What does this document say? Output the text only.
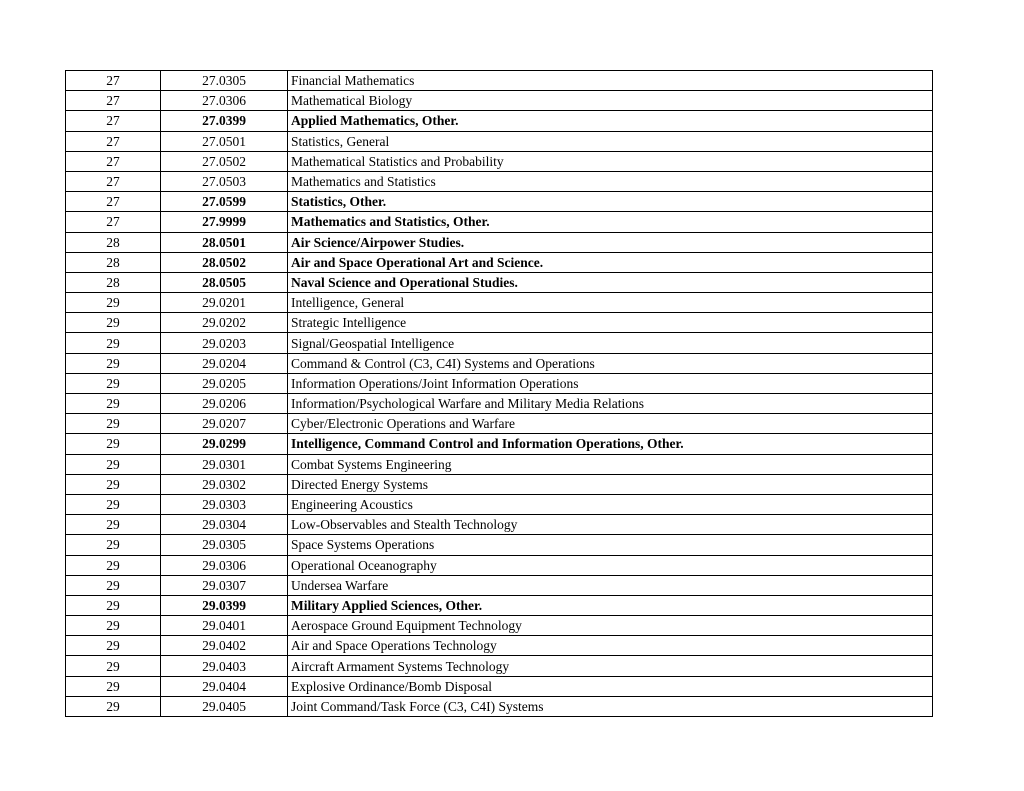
27	27.0305	Financial Mathematics
27	27.0306	Mathematical Biology
27	27.0399	Applied Mathematics, Other.
27	27.0501	Statistics, General
27	27.0502	Mathematical Statistics and Probability
27	27.0503	Mathematics and Statistics
27	27.0599	Statistics, Other.
27	27.9999	Mathematics and Statistics, Other.
28	28.0501	Air Science/Airpower Studies.
28	28.0502	Air and Space Operational Art and Science.
28	28.0505	Naval Science and Operational Studies.
29	29.0201	Intelligence, General
29	29.0202	Strategic Intelligence
29	29.0203	Signal/Geospatial Intelligence
29	29.0204	Command & Control (C3, C4I) Systems and Operations
29	29.0205	Information Operations/Joint Information Operations
29	29.0206	Information/Psychological Warfare and Military Media Relations
29	29.0207	Cyber/Electronic Operations and Warfare
29	29.0299	Intelligence, Command Control and Information Operations, Other.
29	29.0301	Combat Systems Engineering
29	29.0302	Directed Energy Systems
29	29.0303	Engineering Acoustics
29	29.0304	Low-Observables and Stealth Technology
29	29.0305	Space Systems Operations
29	29.0306	Operational Oceanography
29	29.0307	Undersea Warfare
29	29.0399	Military Applied Sciences, Other.
29	29.0401	Aerospace Ground Equipment Technology
29	29.0402	Air and Space Operations Technology
29	29.0403	Aircraft Armament Systems Technology
29	29.0404	Explosive Ordinance/Bomb Disposal
29	29.0405	Joint Command/Task Force (C3, C4I) Systems
